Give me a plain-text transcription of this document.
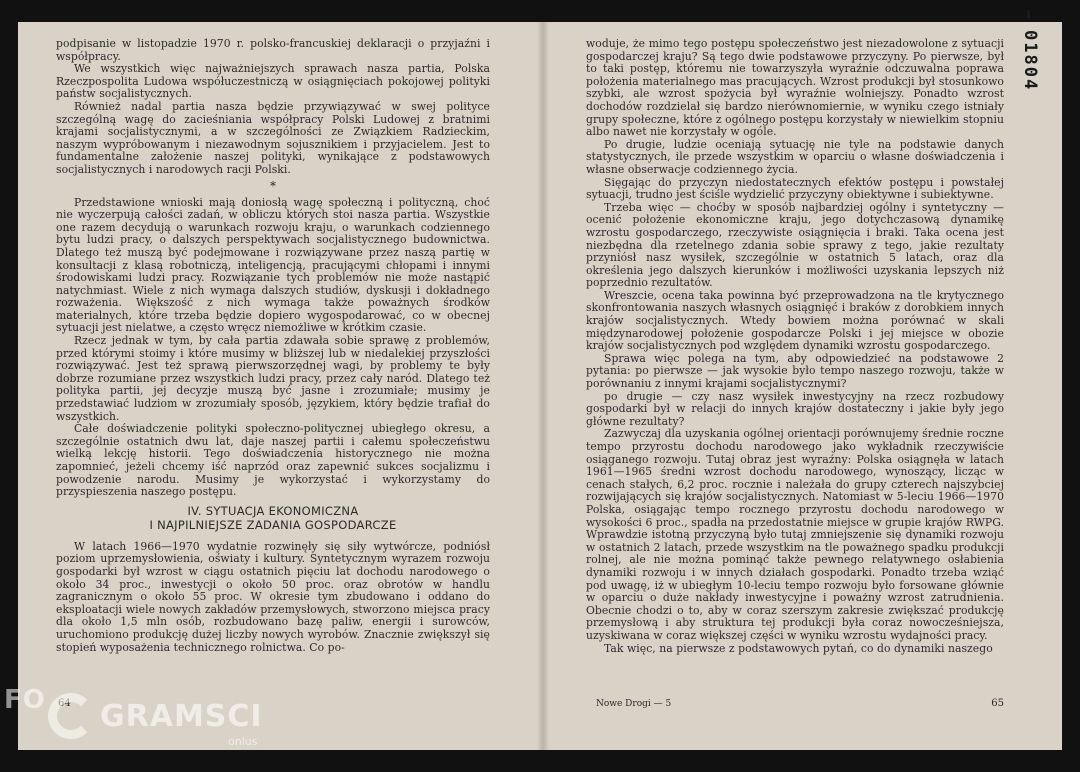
podpisanie w listopadzie 1970 r. polsko-francuskiej deklaracji o przyjaźni i współpracy.

We wszystkich więc najważniejszych sprawach nasza partia, Polska Rzeczpospolita Ludowa współuczestniczą w osiągnięciach pokojowej polityki państw socjalistycznych.

Również nadal partia nasza będzie przywiązywać w swej polityce szczególną wagę do zacieśniania współpracy Polski Ludowej z bratnimi krajami socjalistycznymi, a w szczególności ze Związkiem Radzieckim, naszym wypróbowanym i niezawodnym sojusznikiem i przyjacielem. Jest to fundamentalne założenie naszej polityki, wynikające z podstawowych socjalistycznych i narodowych racji Polski.

*

Przedstawione wnioski mają doniosłą wagę społeczną i polityczną, choć nie wyczerpują całości zadań, w obliczu których stoi nasza partia. Wszystkie one razem decydują o warunkach rozwoju kraju, o warunkach codziennego bytu ludzi pracy, o dalszych perspektywach socjalistycznego budownictwa. Dlatego też muszą być podejmowane i rozwiązywane przez naszą partię w konsultacji z klasą robotniczą, inteligencją, pracującymi chłopami i innymi środowiskami ludzi pracy. Rozwiązanie tych problemów nie może nastąpić natychmiast. Wiele z nich wymaga dalszych studiów, dyskusji i dokładnego rozważenia. Większość z nich wymaga także poważnych środków materialnych, które trzeba będzie dopiero wygospodarować, co w obecnej sytuacji jest nielatwe, a często wręcz niemożliwe w krótkim czasie.

Rzecz jednak w tym, by cała partia zdawała sobie sprawę z problemów, przed którymi stoimy i które musimy w bliższej lub w niedalekiej przyszłości rozwiązywać. Jest też sprawą pierwszorzędnej wagi, by problemy te były dobrze rozumiane przez wszystkich ludzi pracy, przez cały naród. Dlatego też polityka partii, jej decyzje muszą być jasne i zrozumiałe; musimy je przedstawiać ludziom w zrozumiały sposób, językiem, który będzie trafiał do wszystkich.

Całe doświadczenie polityki społeczno-politycznej ubiegłego okresu, a szczególnie ostatnich dwu lat, daje naszej partii i całemu społeczeństwu wielką lekcję historii. Tego doświadczenia historycznego nie można zapomnieć, jeżeli chcemy iść naprzód oraz zapewnić sukces socjalizmu i powodzenie narodu. Musimy je wykorzystać i wykorzystamy do przyspieszenia naszego postępu.

IV. SYTUACJA EKONOMICZNA
I NAJPILNIEJSZE ZADANIA GOSPODARCZE

W latach 1966—1970 wydatnie rozwinęły się siły wytwórcze, podniósł poziom uprzemysłowienia, oświaty i kultury. Syntetycznym wyrazem rozwoju gospodarki był wzrost w ciągu ostatnich pięciu lat dochodu narodowego o około 34 proc., inwestycji o około 50 proc. oraz obrotów w handlu zagranicznym o około 55 proc. W okresie tym zbudowano i oddano do eksploatacji wiele nowych zakładów przemysłowych, stworzono miejsca pracy dla około 1,5 mln osób, rozbudowano bazę paliw, energii i surowców, uruchomiono produkcję dużej liczby nowych wyrobów. Znacznie zwiększył się stopień wyposażenia technicznego rolnictwa. Co po-

64

woduje, że mimo tego postępu społeczeństwo jest niezadowolone z sytuacji gospodarczej kraju? Są tego dwie podstawowe przyczyny. Po pierwsze, był to taki postęp, któremu nie towarzyszyła wyraźnie odczuwalna poprawa położenia materialnego mas pracujących. Wzrost produkcji był stosunkowo szybki, ale wzrost spożycia był wyraźnie wolniejszy. Ponadto wzrost dochodów rozdzielał się bardzo nierównomiernie, w wyniku czego istniały grupy społeczne, które z ogólnego postępu korzystały w niewielkim stopniu albo nawet nie korzystały w ogóle.

Po drugie, ludzie oceniają sytuację nie tyle na podstawie danych statystycznych, ile przede wszystkim w oparciu o własne doświadczenia i własne obserwacje codziennego życia.

Sięgając do przyczyn niedostatecznych efektów postępu i powstałej sytuacji, trudno jest ściśle wydzielić przyczyny obiektywne i subiektywne.

Trzeba więc — choćby w sposób najbardziej ogólny i syntetyczny — ocenić położenie ekonomiczne kraju, jego dotychczasową dynamikę wzrostu gospodarczego, rzeczywiste osiągnięcia i braki. Taka ocena jest niezbędna dla rzetelnego zdania sobie sprawy z tego, jakie rezultaty przyniósł nasz wysiłek, szczególnie w ostatnich 5 latach, oraz dla określenia jego dalszych kierunków i możliwości uzyskania lepszych niż poprzednio rezultatów.

Wreszcie, ocena taka powinna być przeprowadzona na tle krytycznego skonfrontowania naszych własnych osiągnięć i braków z dorobkiem innych krajów socjalistycznych. Wtedy bowiem można porównać w skali międzynarodowej położenie gospodarcze Polski i jej miejsce w obozie krajów socjalistycznych pod względem dynamiki wzrostu gospodarczego.

Sprawa więc polega na tym, aby odpowiedzieć na podstawowe 2 pytania: po pierwsze — jak wysokie było tempo naszego rozwoju, także w porównaniu z innymi krajami socjalistycznymi?

po drugie — czy nasz wysiłek inwestycyjny na rzecz rozbudowy gospodarki był w relacji do innych krajów dostateczny i jakie były jego główne rezultaty?

Zazwyczaj dla uzyskania ogólnej orientacji porównujemy średnie roczne tempo przyrostu dochodu narodowego jako wykładnik rzeczywiście osiąganego rozwoju. Tutaj obraz jest wyraźny: Polska osiągnęła w latach 1961—1965 średni wzrost dochodu narodowego, wynoszący, licząc w cenach stałych, 6,2 proc. rocznie i należała do grupy czterech najszybciej rozwijających się krajów socjalistycznych. Natomiast w 5-leciu 1966—1970 Polska, osiągając tempo rocznego przyrostu dochodu narodowego w wysokości 6 proc., spadła na przedostatnie miejsce w grupie krajów RWPG. Wprawdzie istotną przyczyną było tutaj zmniejszenie się dynamiki rozwoju w ostatnich 2 latach, przede wszystkim na tle poważnego spadku produkcji rolnej, ale nie można pominąć także pewnego relatywnego osłabienia dynamiki rozwoju i w innych działach gospodarki. Ponadto trzeba wziąć pod uwagę, iż w ubiegłym 10-leciu tempo rozwoju było forsowane głównie w oparciu o duże nakłady inwestycyjne i poważny wzrost zatrudnienia. Obecnie chodzi o to, aby w coraz szerszym zakresie zwiększać produkcję przemysłową i aby struktura tej produkcji była coraz nowocześniejsza, uzyskiwana w coraz większej części w wyniku wzrostu wydajności pracy.

Tak więc, na pierwsze z podstawowych pytań, co do dynamiki naszego

Nowe Drogi — 5	65
01804
FO GRAMSCI
onlus
